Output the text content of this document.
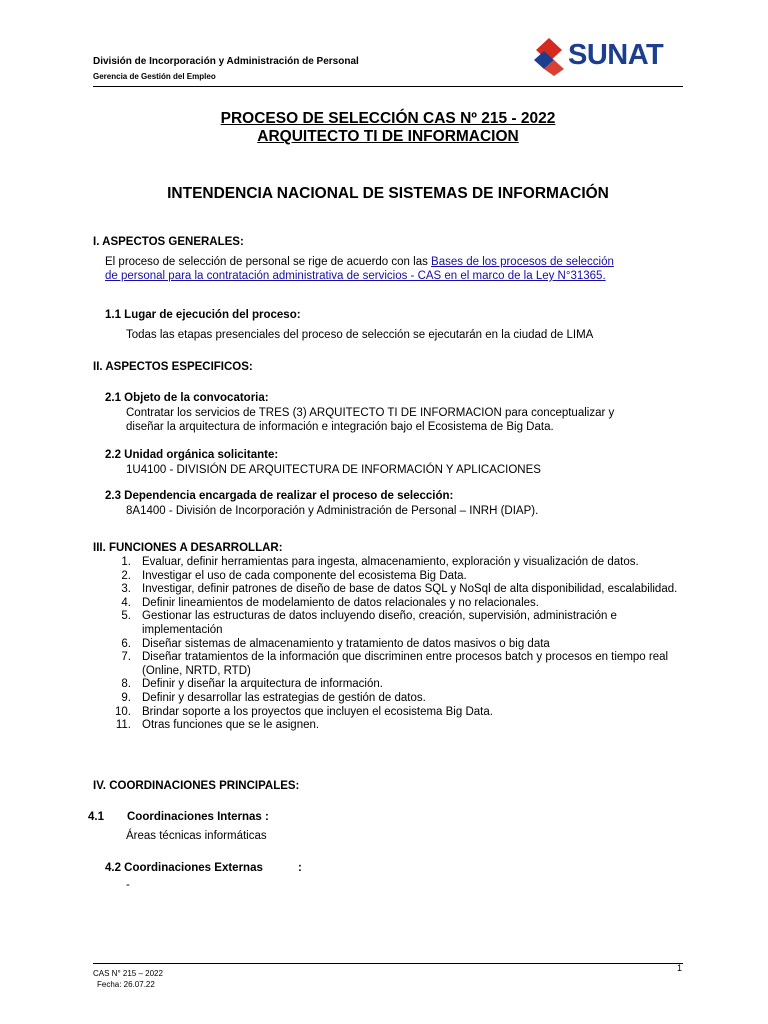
División de Incorporación y Administración de Personal
Gerencia de Gestión del Empleo
SUNAT
PROCESO DE SELECCIÓN CAS Nº 215 - 2022
ARQUITECTO TI DE INFORMACION
INTENDENCIA NACIONAL DE SISTEMAS DE INFORMACIÓN
I. ASPECTOS GENERALES:
El proceso de selección de personal se rige de acuerdo con las Bases de los procesos de selección
de personal para la contratación administrativa de servicios - CAS en el marco de la Ley N°31365.
1.1 Lugar de ejecución del proceso:
Todas las etapas presenciales del proceso de selección se ejecutarán en la ciudad de LIMA
II. ASPECTOS ESPECIFICOS:
2.1 Objeto de la convocatoria:
Contratar los servicios de TRES (3) ARQUITECTO TI DE INFORMACION para conceptualizar y
diseñar la arquitectura de información e integración bajo el Ecosistema de Big Data.
2.2 Unidad orgánica solicitante:
1U4100 - DIVISIÓN DE ARQUITECTURA DE INFORMACIÓN Y APLICACIONES
2.3 Dependencia encargada de realizar el proceso de selección:
8A1400 - División de Incorporación y Administración de Personal – INRH (DIAP).
III. FUNCIONES A DESARROLLAR:
1. Evaluar, definir herramientas para ingesta, almacenamiento, exploración y visualización de datos.
2. Investigar el uso de cada componente del ecosistema Big Data.
3. Investigar, definir patrones de diseño de base de datos SQL y NoSql de alta disponibilidad, escalabilidad.
4. Definir lineamientos de modelamiento de datos relacionales y no relacionales.
5. Gestionar las estructuras de datos incluyendo diseño, creación, supervisión, administración e implementación
6. Diseñar sistemas de almacenamiento y tratamiento de datos masivos o big data
7. Diseñar tratamientos de la información que discriminen entre procesos batch y procesos en tiempo real (Online, NRTD, RTD)
8. Definir y diseñar la arquitectura de información.
9. Definir y desarrollar las estrategias de gestión de datos.
10. Brindar soporte a los proyectos que incluyen el ecosistema Big Data.
11. Otras funciones que se le asignen.
IV. COORDINACIONES PRINCIPALES:
4.1 Coordinaciones Internas :
Áreas técnicas informáticas
4.2 Coordinaciones Externas	:
-
CAS N° 215 – 2022
Fecha: 26.07.22
1
